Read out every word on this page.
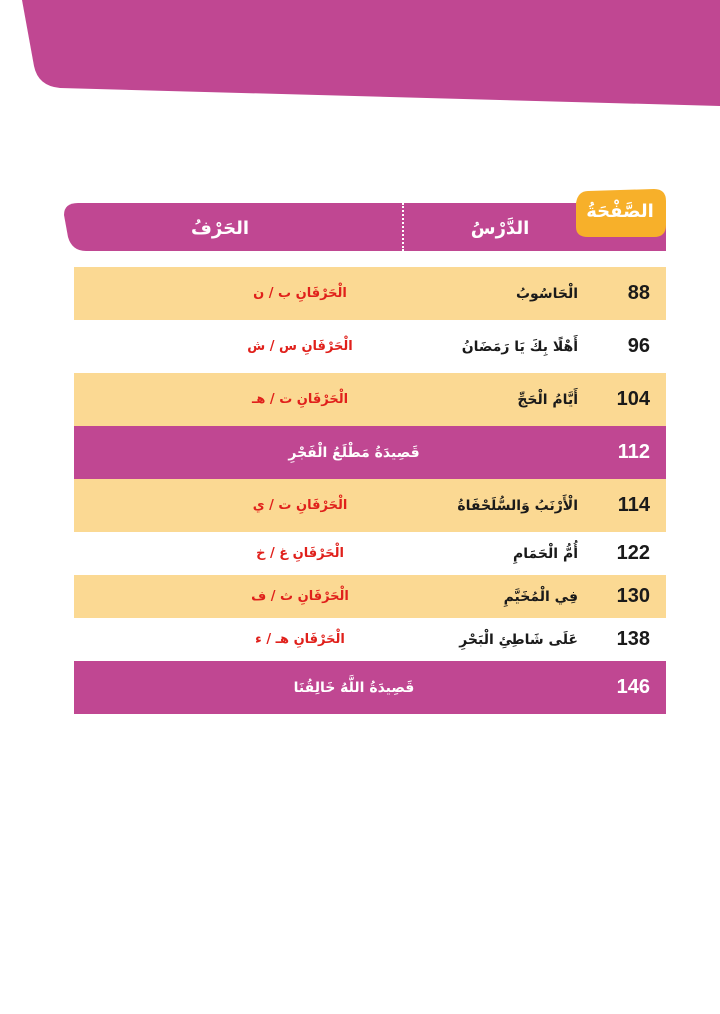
الدَّرْسُ
الحَرْفُ
الصَّفْحَةُ
88
الْحَاسُوبُ
الْحَرْفَانِ ب / ن
96
أَهْلًا بِكَ يَا رَمَضَانُ
الْحَرْفَانِ س / ش
104
أَيَّامُ الْحَجِّ
الْحَرْفَانِ ت / هـ
112
قَصِيدَةُ مَطْلَعُ الْفَجْرِ
114
الْأَرْنَبُ وَالسُّلَحْفَاةُ
الْحَرْفَانِ ت / ي
122
أُمُّ الْحَمَامِ
الْحَرْفَانِ غ / خ
130
فِي الْمُخَيَّمِ
الْحَرْفَانِ ث / ف
138
عَلَى شَاطِئِ الْبَحْرِ
الْحَرْفَانِ هـ / ء
146
قَصِيدَةُ اللَّهُ خَالِقُنَا
